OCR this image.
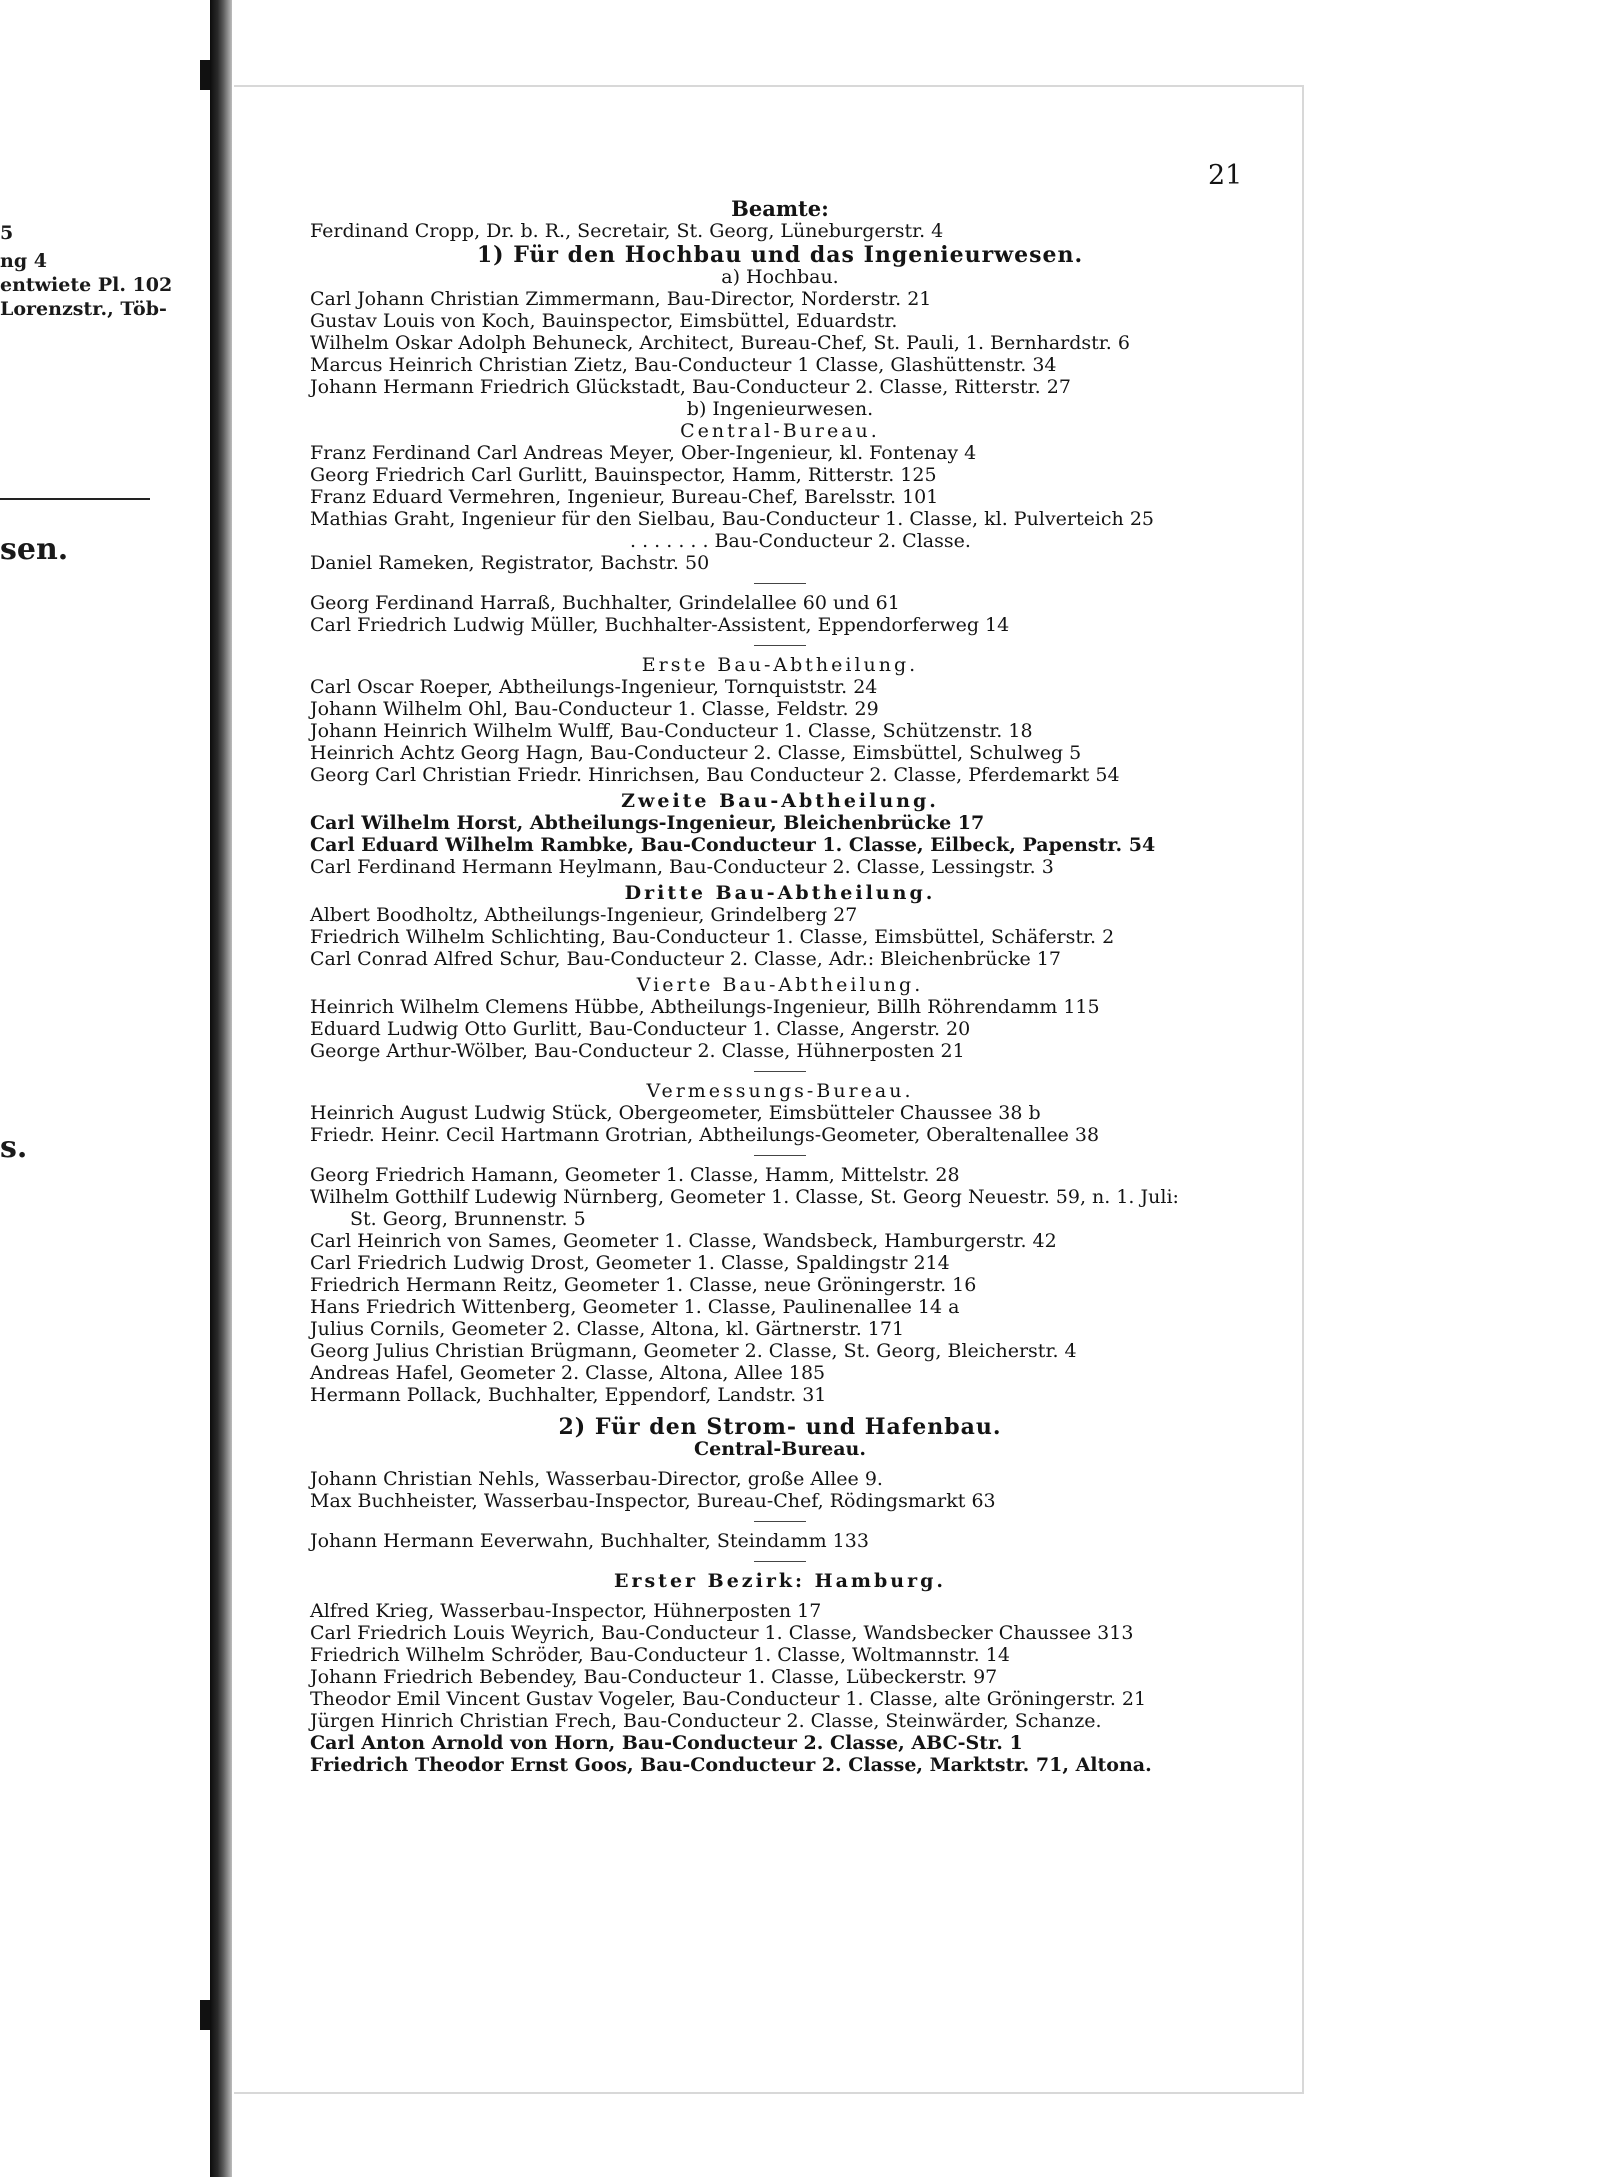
5
ng 4
entwiete Pl. 102
Lorenzstr., Töb-
sen.
s.
21
Beamte:
Ferdinand Cropp, Dr. b. R., Secretair, St. Georg, Lüneburgerstr. 4
1) Für den Hochbau und das Ingenieurwesen.
a) Hochbau.
Carl Johann Christian Zimmermann, Bau-Director, Norderstr. 21
Gustav Louis von Koch, Bauinspector, Eimsbüttel, Eduardstr.
Wilhelm Oskar Adolph Behuneck, Architect, Bureau-Chef, St. Pauli, 1. Bernhardstr. 6
Marcus Heinrich Christian Zietz, Bau-Conducteur 1 Classe, Glashüttenstr. 34
Johann Hermann Friedrich Glückstadt, Bau-Conducteur 2. Classe, Ritterstr. 27
b) Ingenieurwesen.
Central-Bureau.
Franz Ferdinand Carl Andreas Meyer, Ober-Ingenieur, kl. Fontenay 4
Georg Friedrich Carl Gurlitt, Bauinspector, Hamm, Ritterstr. 125
Franz Eduard Vermehren, Ingenieur, Bureau-Chef, Barelsstr. 101
Mathias Graht, Ingenieur für den Sielbau, Bau-Conducteur 1. Classe, kl. Pulverteich 25
. . . . . . . Bau-Conducteur 2. Classe.
Daniel Rameken, Registrator, Bachstr. 50
Georg Ferdinand Harraß, Buchhalter, Grindelallee 60 und 61
Carl Friedrich Ludwig Müller, Buchhalter-Assistent, Eppendorferweg 14
Erste Bau-Abtheilung.
Carl Oscar Roeper, Abtheilungs-Ingenieur, Tornquiststr. 24
Johann Wilhelm Ohl, Bau-Conducteur 1. Classe, Feldstr. 29
Johann Heinrich Wilhelm Wulff, Bau-Conducteur 1. Classe, Schützenstr. 18
Heinrich Achtz Georg Hagn, Bau-Conducteur 2. Classe, Eimsbüttel, Schulweg 5
Georg Carl Christian Friedr. Hinrichsen, Bau Conducteur 2. Classe, Pferdemarkt 54
Zweite Bau-Abtheilung.
Carl Wilhelm Horst, Abtheilungs-Ingenieur, Bleichenbrücke 17
Carl Eduard Wilhelm Rambke, Bau-Conducteur 1. Classe, Eilbeck, Papenstr. 54
Carl Ferdinand Hermann Heylmann, Bau-Conducteur 2. Classe, Lessingstr. 3
Dritte Bau-Abtheilung.
Albert Boodholtz, Abtheilungs-Ingenieur, Grindelberg 27
Friedrich Wilhelm Schlichting, Bau-Conducteur 1. Classe, Eimsbüttel, Schäferstr. 2
Carl Conrad Alfred Schur, Bau-Conducteur 2. Classe, Adr.: Bleichenbrücke 17
Vierte Bau-Abtheilung.
Heinrich Wilhelm Clemens Hübbe, Abtheilungs-Ingenieur, Billh Röhrendamm 115
Eduard Ludwig Otto Gurlitt, Bau-Conducteur 1. Classe, Angerstr. 20
George Arthur-Wölber, Bau-Conducteur 2. Classe, Hühnerposten 21
Vermessungs-Bureau.
Heinrich August Ludwig Stück, Obergeometer, Eimsbütteler Chaussee 38 b
Friedr. Heinr. Cecil Hartmann Grotrian, Abtheilungs-Geometer, Oberaltenallee 38
Georg Friedrich Hamann, Geometer 1. Classe, Hamm, Mittelstr. 28
Wilhelm Gotthilf Ludewig Nürnberg, Geometer 1. Classe, St. Georg Neuestr. 59, n. 1. Juli:
St. Georg, Brunnenstr. 5
Carl Heinrich von Sames, Geometer 1. Classe, Wandsbeck, Hamburgerstr. 42
Carl Friedrich Ludwig Drost, Geometer 1. Classe, Spaldingstr 214
Friedrich Hermann Reitz, Geometer 1. Classe, neue Gröningerstr. 16
Hans Friedrich Wittenberg, Geometer 1. Classe, Paulinenallee 14 a
Julius Cornils, Geometer 2. Classe, Altona, kl. Gärtnerstr. 171
Georg Julius Christian Brügmann, Geometer 2. Classe, St. Georg, Bleicherstr. 4
Andreas Hafel, Geometer 2. Classe, Altona, Allee 185
Hermann Pollack, Buchhalter, Eppendorf, Landstr. 31
2) Für den Strom- und Hafenbau.
Central-Bureau.
Johann Christian Nehls, Wasserbau-Director, große Allee 9.
Max Buchheister, Wasserbau-Inspector, Bureau-Chef, Rödingsmarkt 63
Johann Hermann Eeverwahn, Buchhalter, Steindamm 133
Erster Bezirk: Hamburg.
Alfred Krieg, Wasserbau-Inspector, Hühnerposten 17
Carl Friedrich Louis Weyrich, Bau-Conducteur 1. Classe, Wandsbecker Chaussee 313
Friedrich Wilhelm Schröder, Bau-Conducteur 1. Classe, Woltmannstr. 14
Johann Friedrich Bebendey, Bau-Conducteur 1. Classe, Lübeckerstr. 97
Theodor Emil Vincent Gustav Vogeler, Bau-Conducteur 1. Classe, alte Gröningerstr. 21
Jürgen Hinrich Christian Frech, Bau-Conducteur 2. Classe, Steinwärder, Schanze.
Carl Anton Arnold von Horn, Bau-Conducteur 2. Classe, ABC-Str. 1
Friedrich Theodor Ernst Goos, Bau-Conducteur 2. Classe, Marktstr. 71, Altona.
